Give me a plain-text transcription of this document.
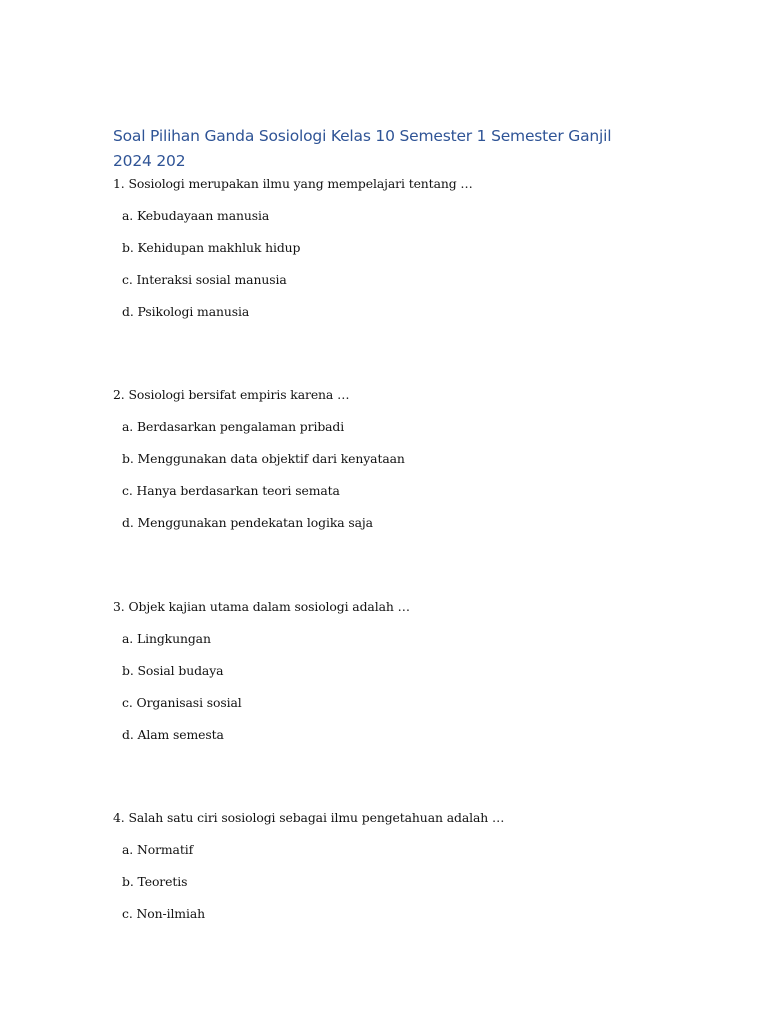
Soal Pilihan Ganda Sosiologi Kelas 10 Semester 1 Semester Ganjil 2024 202
1. Sosiologi merupakan ilmu yang mempelajari tentang …
a. Kebudayaan manusia
b. Kehidupan makhluk hidup
c. Interaksi sosial manusia
d. Psikologi manusia
2. Sosiologi bersifat empiris karena …
a. Berdasarkan pengalaman pribadi
b. Menggunakan data objektif dari kenyataan
c. Hanya berdasarkan teori semata
d. Menggunakan pendekatan logika saja
3. Objek kajian utama dalam sosiologi adalah …
a. Lingkungan
b. Sosial budaya
c. Organisasi sosial
d. Alam semesta
4. Salah satu ciri sosiologi sebagai ilmu pengetahuan adalah …
a. Normatif
b. Teoretis
c. Non-ilmiah
